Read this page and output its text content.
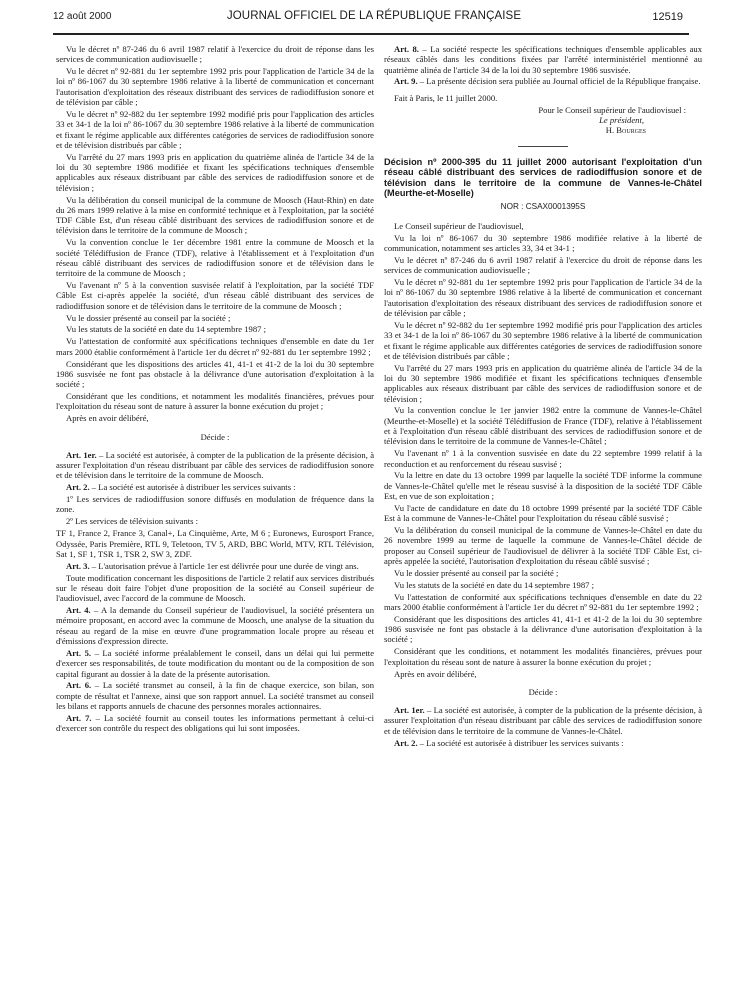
12 août 2000	JOURNAL OFFICIEL DE LA RÉPUBLIQUE FRANÇAISE	12519

Vu le décret nº 87-246 du 6 avril 1987 relatif à l'exercice du droit de réponse dans les services de communication audiovisuelle ;

Vu le décret nº 92-881 du 1er septembre 1992 pris pour l'application de l'article 34 de la loi nº 86-1067 du 30 septembre 1986 relative à la liberté de communication et concernant l'autorisation d'exploitation des réseaux distribuant des services de radiodiffusion sonore et de télévision par câble ;

Vu le décret nº 92-882 du 1er septembre 1992 modifié pris pour l'application des articles 33 et 34-1 de la loi nº 86-1067 du 30 septembre 1986 relative à la liberté de communication et fixant le régime applicable aux différentes catégories de services de radiodiffusion sonore et de télévision distribués par câble ;

Vu l'arrêté du 27 mars 1993 pris en application du quatrième alinéa de l'article 34 de la loi du 30 septembre 1986 modifiée et fixant les spécifications techniques d'ensemble applicables aux réseaux distribuant par câble des services de radiodiffusion sonore et de télévision ;

Vu la délibération du conseil municipal de la commune de Moosch (Haut-Rhin) en date du 26 mars 1999 relative à la mise en conformité technique et à l'exploitation, par la société TDF Câble Est, d'un réseau câblé distribuant des services de radiodiffusion sonore et de télévision dans le territoire de la commune de Moosch ;

Vu la convention conclue le 1er décembre 1981 entre la commune de Moosch et la société Télédiffusion de France (TDF), relative à l'établissement et à l'exploitation d'un réseau câblé distribuant des services de radiodiffusion sonore et de télévision dans le territoire de la commune de Moosch ;

Vu l'avenant nº 5 à la convention susvisée relatif à l'exploitation, par la société TDF Câble Est ci-après appelée la société, d'un réseau câblé distribuant des services de radiodiffusion sonore et de télévision dans le territoire de la commune de Moosch ;

Vu le dossier présenté au conseil par la société ;

Vu les statuts de la société en date du 14 septembre 1987 ;

Vu l'attestation de conformité aux spécifications techniques d'ensemble en date du 1er mars 2000 établie conformément à l'article 1er du décret nº 92-881 du 1er septembre 1992 ;

Considérant que les dispositions des articles 41, 41-1 et 41-2 de la loi du 30 septembre 1986 susvisée ne font pas obstacle à la délivrance d'une autorisation d'exploitation à la société ;

Considérant que les conditions, et notamment les modalités financières, prévues pour l'exploitation du réseau sont de nature à assurer la bonne exécution du projet ;

Après en avoir délibéré,

Décide :

Art. 1er. – La société est autorisée, à compter de la publication de la présente décision, à assurer l'exploitation d'un réseau distribuant par câble des services de radiodiffusion sonore et de télévision dans le territoire de la commune de Moosch.

Art. 2. – La société est autorisée à distribuer les services suivants :

1º Les services de radiodiffusion sonore diffusés en modulation de fréquence dans la zone.

2º Les services de télévision suivants :

TF 1, France 2, France 3, Canal+, La Cinquième, Arte, M 6 ; Euronews, Eurosport France, Odyssée, Paris Première, RTL 9, Teletoon, TV 5, ARD, BBC World, MTV, RTL Télévision, Sat 1, SF 1, TSR 1, TSR 2, SW 3, ZDF.

Art. 3. – L'autorisation prévue à l'article 1er est délivrée pour une durée de vingt ans.

Toute modification concernant les dispositions de l'article 2 relatif aux services distribués sur le réseau doit faire l'objet d'une proposition de la société au Conseil supérieur de l'audiovisuel, avec l'accord de la commune de Moosch.

Art. 4. – A la demande du Conseil supérieur de l'audiovisuel, la société présentera un mémoire proposant, en accord avec la commune de Moosch, une analyse de la situation du réseau au regard de la mise en œuvre d'une programmation locale propre au réseau et d'émissions d'expression directe.

Art. 5. – La société informe préalablement le conseil, dans un délai qui lui permette d'exercer ses responsabilités, de toute modification du montant ou de la composition de son capital figurant au dossier à la date de la présente autorisation.

Art. 6. – La société transmet au conseil, à la fin de chaque exercice, son bilan, son compte de résultat et l'annexe, ainsi que son rapport annuel. La société transmet au conseil les bilans et rapports annuels de chacune des personnes morales actionnaires.

Art. 7. – La société fournit au conseil toutes les informations permettant à celui-ci d'exercer son contrôle du respect des obligations qui lui sont imposées.

Art. 8. – La société respecte les spécifications techniques d'ensemble applicables aux réseaux câblés dans les conditions fixées par l'arrêté interministériel mentionné au quatrième alinéa de l'article 34 de la loi du 30 septembre 1986 susvisée.

Art. 9. – La présente décision sera publiée au Journal officiel de la République française.

Fait à Paris, le 11 juillet 2000.

Pour le Conseil supérieur de l'audiovisuel :

Le président,

H. Bourges

Décision nº 2000-395 du 11 juillet 2000 autorisant l'exploitation d'un réseau câblé distribuant des services de radiodiffusion sonore et de télévision dans le territoire de la commune de Vannes-le-Châtel (Meurthe-et-Moselle)

NOR : CSAX0001395S

Le Conseil supérieur de l'audiovisuel,

Vu la loi nº 86-1067 du 30 septembre 1986 modifiée relative à la liberté de communication, notamment ses articles 33, 34 et 34-1 ;

Vu le décret nº 87-246 du 6 avril 1987 relatif à l'exercice du droit de réponse dans les services de communication audiovisuelle ;

Vu le décret nº 92-881 du 1er septembre 1992 pris pour l'application de l'article 34 de la loi nº 86-1067 du 30 septembre 1986 relative à la liberté de communication et concernant l'autorisation d'exploitation des réseaux distribuant des services de radiodiffusion sonore et de télévision par câble ;

Vu le décret nº 92-882 du 1er septembre 1992 modifié pris pour l'application des articles 33 et 34-1 de la loi nº 86-1067 du 30 septembre 1986 relative à la liberté de communication et fixant le régime applicable aux différentes catégories de services de radiodiffusion sonore et de télévision distribués par câble ;

Vu l'arrêté du 27 mars 1993 pris en application du quatrième alinéa de l'article 34 de la loi du 30 septembre 1986 modifiée et fixant les spécifications techniques d'ensemble applicables aux réseaux distribuant par câble des services de radiodiffusion sonore et de télévision ;

Vu la convention conclue le 1er janvier 1982 entre la commune de Vannes-le-Châtel (Meurthe-et-Moselle) et la société Télédiffusion de France (TDF), relative à l'établissement et à l'exploitation d'un réseau câblé distribuant des services de radiodiffusion sonore et de télévision dans le territoire de la commune de Vannes-le-Châtel ;

Vu l'avenant nº 1 à la convention susvisée en date du 22 septembre 1999 relatif à la reconduction et au renforcement du réseau susvisé ;

Vu la lettre en date du 13 octobre 1999 par laquelle la société TDF informe la commune de Vannes-le-Châtel qu'elle met le réseau susvisé à la disposition de la société TDF Câble Est, en vue de son exploitation ;

Vu l'acte de candidature en date du 18 octobre 1999 présenté par la société TDF Câble Est à la commune de Vannes-le-Châtel pour l'exploitation du réseau câblé susvisé ;

Vu la délibération du conseil municipal de la commune de Vannes-le-Châtel en date du 26 novembre 1999 au terme de laquelle la commune de Vannes-le-Châtel décide de proposer au Conseil supérieur de l'audiovisuel de délivrer à la société TDF Câble Est, ci-après appelée la société, l'autorisation d'exploitation du réseau câblé susvisé ;

Vu le dossier présenté au conseil par la société ;

Vu les statuts de la société en date du 14 septembre 1987 ;

Vu l'attestation de conformité aux spécifications techniques d'ensemble en date du 22 mars 2000 établie conformément à l'article 1er du décret nº 92-881 du 1er septembre 1992 ;

Considérant que les dispositions des articles 41, 41-1 et 41-2 de la loi du 30 septembre 1986 susvisée ne font pas obstacle à la délivrance d'une autorisation d'exploitation à la société ;

Considérant que les conditions, et notamment les modalités financières, prévues pour l'exploitation du réseau sont de nature à assurer la bonne exécution du projet ;

Après en avoir délibéré,

Décide :

Art. 1er. – La société est autorisée, à compter de la publication de la présente décision, à assurer l'exploitation d'un réseau distribuant par câble des services de radiodiffusion sonore et de télévision dans le territoire de la commune de Vannes-le-Châtel.

Art. 2. – La société est autorisée à distribuer les services suivants :
